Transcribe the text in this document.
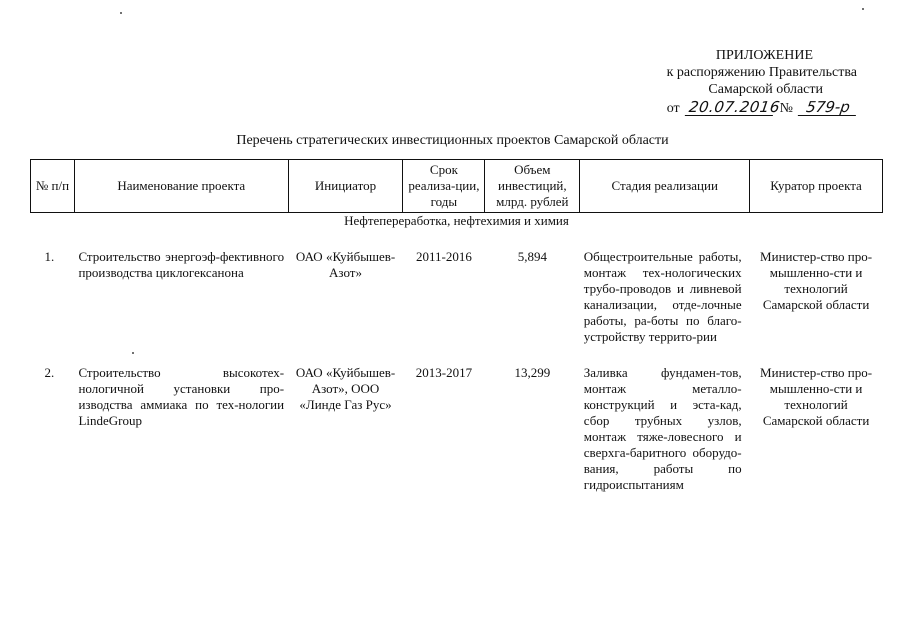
ПРИЛОЖЕНИЕ
к распоряжению Правительства
Самарской области
от 20.07.2016
№ 579-р
Перечень стратегических инвестиционных проектов Самарской области
№ п/п	Наименование проекта	Инициатор	Срок реализа-ции, годы	Объем инвестиций, млрд. рублей	Стадия реализации	Куратор проекта
Нефтепереработка, нефтехимия и химия						

1.	Строительство энергоэф-фективного производства циклогексанона	ОАО «Куйбышев-Азот»	2011-2016	5,894	Общестроительные работы, монтаж тех-нологических трубо-проводов и ливневой канализации, отде-лочные работы, ра-боты по благо-устройству террито-рии	Министер-ство про-мышленно-сти и технологий Самарской области

2.	Строительство высокотех-нологичной установки про-изводства аммиака по тех-нологии LindeGroup	ОАО «Куйбышев-Азот», ООО «Линде Газ Рус»	2013-2017	13,299	Заливка фундамен-тов, монтаж металло-конструкций и эста-кад, сбор трубных узлов, монтаж тяже-ловесного и сверхга-баритного оборудо-вания, работы по гидроиспытаниям	Министер-ство про-мышленно-сти и технологий Самарской области
